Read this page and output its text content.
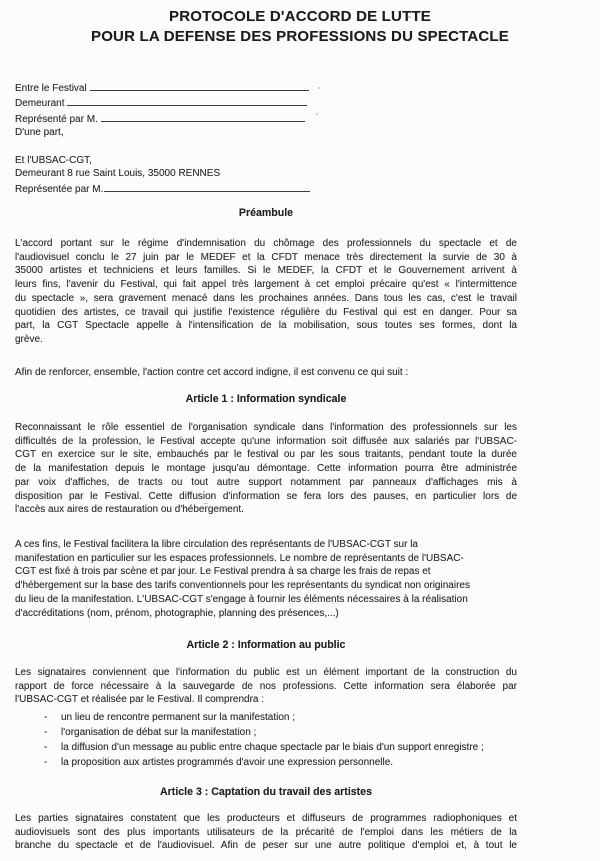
PROTOCOLE D'ACCORD DE LUTTE
POUR LA DEFENSE DES PROFESSIONS DU SPECTACLE
Entre le Festival
Demeurant
Représenté par M.
D'une part,
Et l'UBSAC-CGT,
Demeurant 8 rue Saint Louis, 35000 RENNES
Représentée par M.
Préambule
L'accord portant sur le régime d'indemnisation du chômage des professionnels du spectacle et de
l'audiovisuel conclu le 27 juin par le MEDEF et la CFDT menace très directement la survie de 30 à
35000 artistes et techniciens et leurs familles. Si le MEDEF, la CFDT et le Gouvernement arrivent à
leurs fins, l'avenir du Festival, qui fait appel très largement à cet emploi précaire qu'est « l'intermittence
du spectacle », sera gravement menacé dans les prochaines années. Dans tous les cas, c'est le travail
quotidien des artistes, ce travail qui justifie l'existence régulière du Festival qui est en danger. Pour sa
part, la CGT Spectacle appelle à l'intensification de la mobilisation, sous toutes ses formes, dont la
grève.
Afin de renforcer, ensemble, l'action contre cet accord indigne, il est convenu ce qui suit :
Article 1 : Information syndicale
Reconnaissant le rôle essentiel de l'organisation syndicale dans l'information des professionnels sur les
difficultés de la profession, le Festival accepte qu'une information soit diffusée aux salariés par l'UBSAC-
CGT en exercice sur le site, embauchés par le festival ou par les sous traitants, pendant toute la durée
de la manifestation depuis le montage jusqu'au démontage. Cette information pourra être administrée
par voix d'affiches, de tracts ou tout autre support notamment par panneaux d'affichages mis à
disposition par le Festival. Cette diffusion d'information se fera lors des pauses, en particulier lors de
l'accès aux aires de restauration ou d'hébergement.
A ces fins, le Festival facilitera la libre circulation des représentants de l'UBSAC-CGT sur la
manifestation en particulier sur les espaces professionnels. Le nombre de représentants de l'UBSAC-
CGT est fixé à trois par scène et par jour. Le Festival prendra à sa charge les frais de repas et
d'hébergement sur la base des tarifs conventionnels pour les représentants du syndicat non originaires
du lieu de la manifestation. L'UBSAC-CGT s'engage à fournir les éléments nécessaires à la réalisation
d'accréditations (nom, prénom, photographie, planning des présences,...)
Article 2 : Information au public
Les signataires conviennent que l'information du public est un élément important de la construction du
rapport de force nécessaire à la sauvegarde de nos professions. Cette information sera élaborée par
l'UBSAC-CGT et réalisée par le Festival. Il comprendra :
-	un lieu de rencontre permanent sur la manifestation ;
-	l'organisation de débat sur la manifestation ;
-	la diffusion d'un message au public entre chaque spectacle par le biais d'un support enregistre ;
-	la proposition aux artistes programmés d'avoir une expression personnelle.
Article 3 : Captation du travail des artistes
Les parties signataires constatent que les producteurs et diffuseurs de programmes radiophoniques et
audiovisuels sont des plus importants utilisateurs de la précarité de l'emploi dans les métiers de la
branche du spectacle et de l'audiovisuel. Afin de peser sur une autre politique d'emploi et, à tout le
